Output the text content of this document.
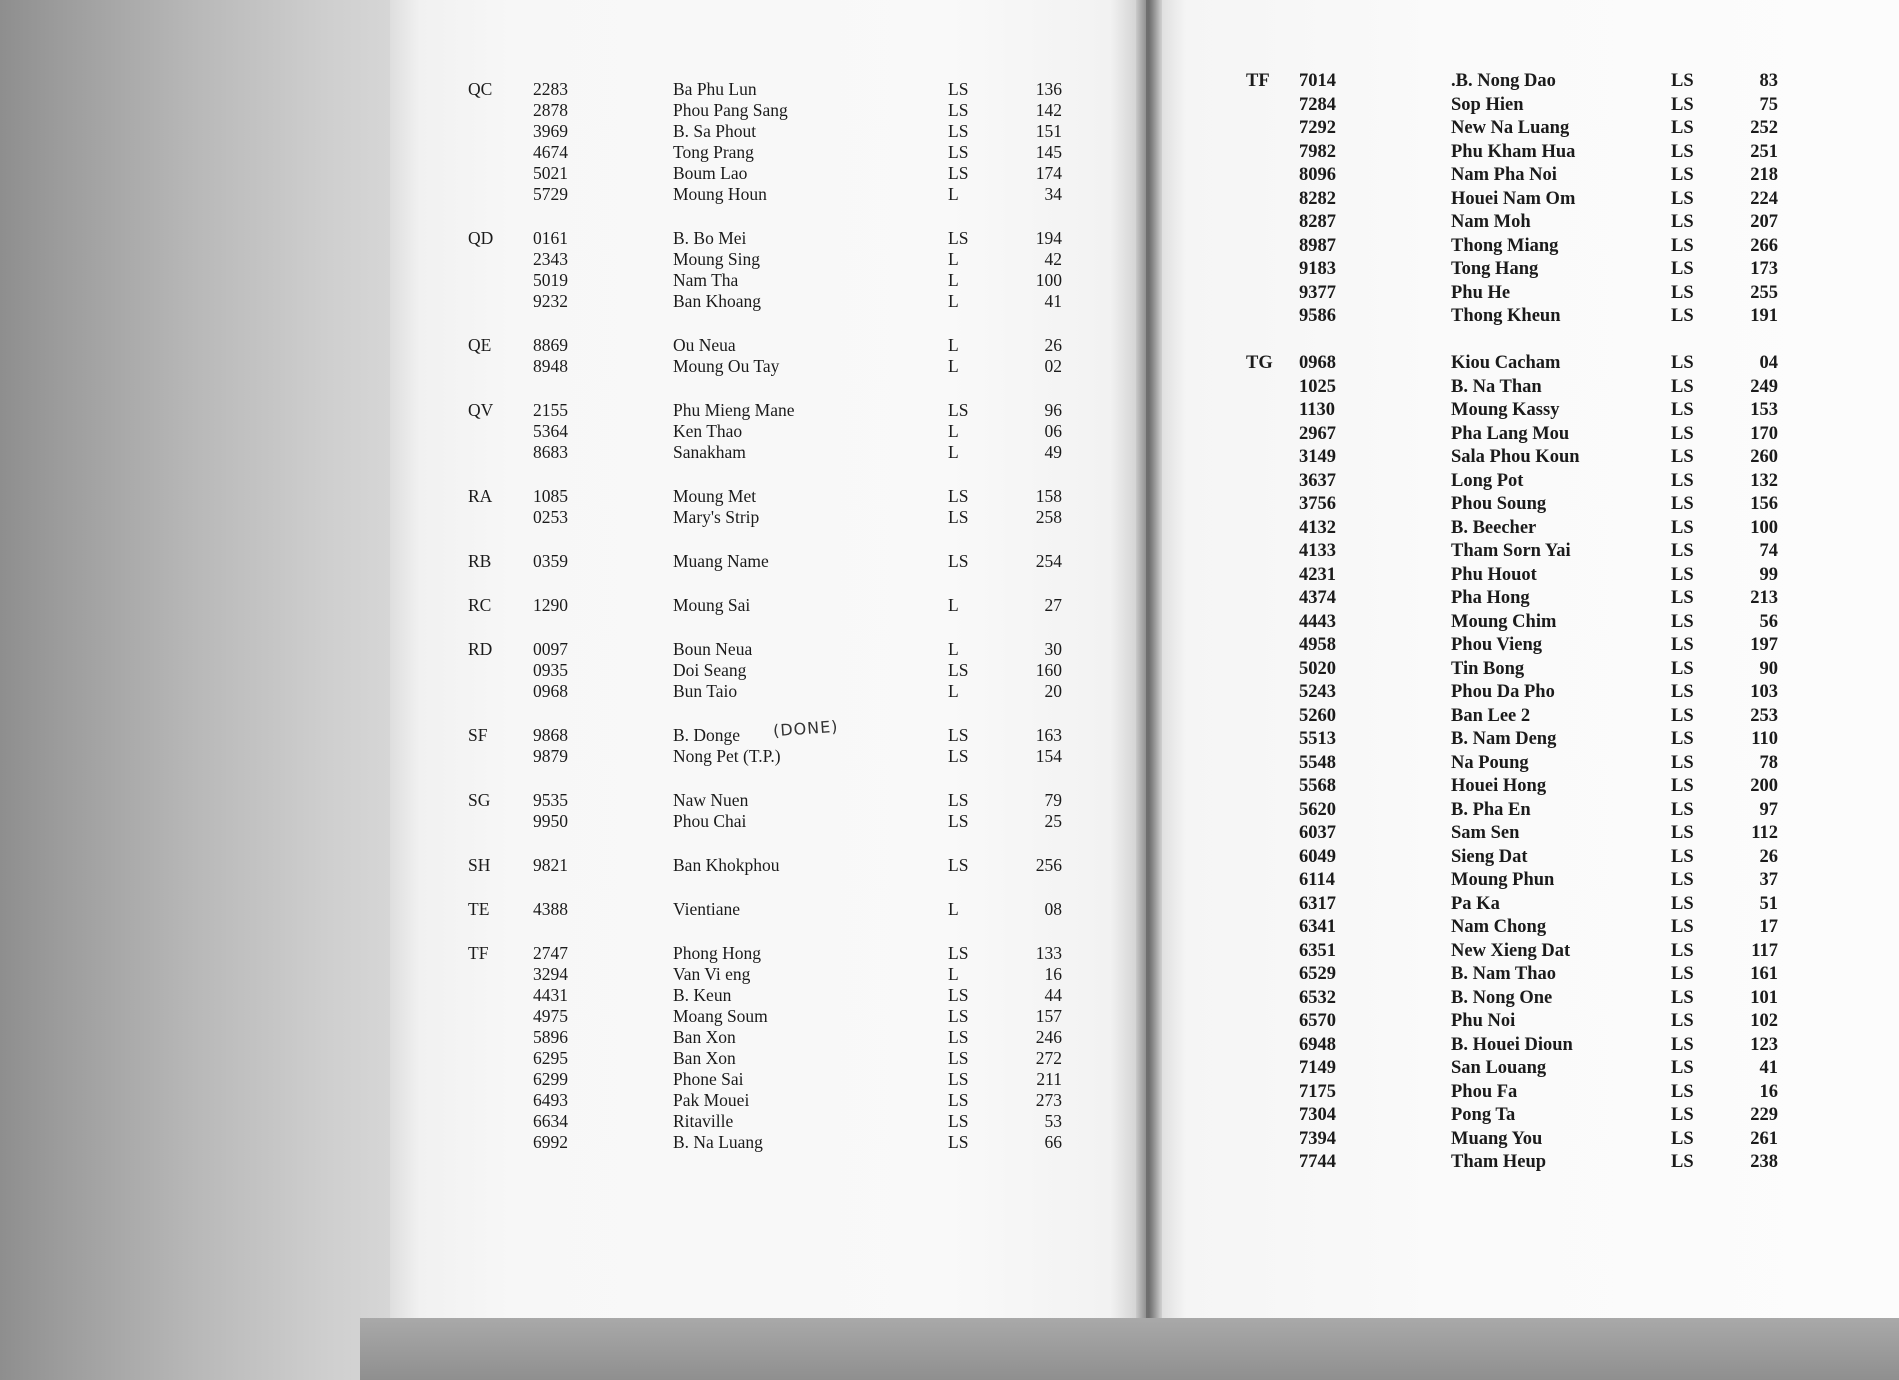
QC 2283	Ba Phu Lun	LS	136
2878	Phou Pang Sang	LS	142
3969	B. Sa Phout	LS	151
4674	Tong Prang	LS	145
5021	Boum Lao	LS	174
5729	Moung Houn	L	34
QD 0161	B. Bo Mei	LS	194
2343	Moung Sing	L	42
5019	Nam Tha	L	100
9232	Ban Khoang	L	41
QE 8869	Ou Neua	L	26
8948	Moung Ou Tay	L	02
QV 2155	Phu Mieng Mane	LS	96
5364	Ken Thao	L	06
8683	Sanakham	L	49
RA 1085	Moung Met	LS	158
0253	Mary's Strip	LS	258
RB 0359	Muang Name	LS	254
RC 1290	Moung Sai	L	27
RD 0097	Boun Neua	L	30
0935	Doi Seang	LS	160
0968	Bun Taio	L	20
SF	9868	B. Donge	LS	163
9879	Nong Pet (T.P.)	LS	154
SG 9535	Naw Nuen	LS	79
9950	Phou Chai	LS	25
SH 9821	Ban Khokphou	LS	256
TE 4388	Vientiane	L	08
TF	2747	Phong Hong	LS	133
3294	Van Vi eng	L	16
4431	B. Keun	LS	44
4975	Moang Soum	LS	157
5896	Ban Xon	LS	246
6295	Ban Xon	LS	272
6299	Phone Sai	LS	211
6493	Pak Mouei	LS	273
6634	Ritaville	LS	53
6992	B. Na Luang	LS	66
(DONE)
TF 7014	.B. Nong Dao	LS	83
7284	Sop Hien	LS	75
7292	New Na Luang	LS	252
7982	Phu Kham Hua	LS	251
8096	Nam Pha Noi	LS	218
8282	Houei Nam Om	LS	224
8287	Nam Moh	LS	207
8987	Thong Miang	LS	266
9183	Tong Hang	LS	173
9377	Phu He	LS	255
9586	Thong Kheun	LS	191
TG 0968	Kiou Cacham	LS	04
1025	B. Na Than	LS	249
1130	Moung Kassy	LS	153
2967	Pha Lang Mou	LS	170
3149	Sala Phou Koun	LS	260
3637	Long Pot	LS	132
3756	Phou Soung	LS	156
4132	B. Beecher	LS	100
4133	Tham Sorn Yai	LS	74
4231	Phu Houot	LS	99
4374	Pha Hong	LS	213
4443	Moung Chim	LS	56
4958	Phou Vieng	LS	197
5020	Tin Bong	LS	90
5243	Phou Da Pho	LS	103
5260	Ban Lee 2	LS	253
5513	B. Nam Deng	LS	110
5548	Na Poung	LS	78
5568	Houei Hong	LS	200
5620	B. Pha En	LS	97
6037	Sam Sen	LS	112
6049	Sieng Dat	LS	26
6114	Moung Phun	LS	37
6317	Pa Ka	LS	51
6341	Nam Chong	LS	17
6351	New Xieng Dat	LS	117
6529	B. Nam Thao	LS	161
6532	B. Nong One	LS	101
6570	Phu Noi	LS	102
6948	B. Houei Dioun	LS	123
7149	San Louang	LS	41
7175	Phou Fa	LS	16
7304	Pong Ta	LS	229
7394	Muang You	LS	261
7744	Tham Heup	LS	238
